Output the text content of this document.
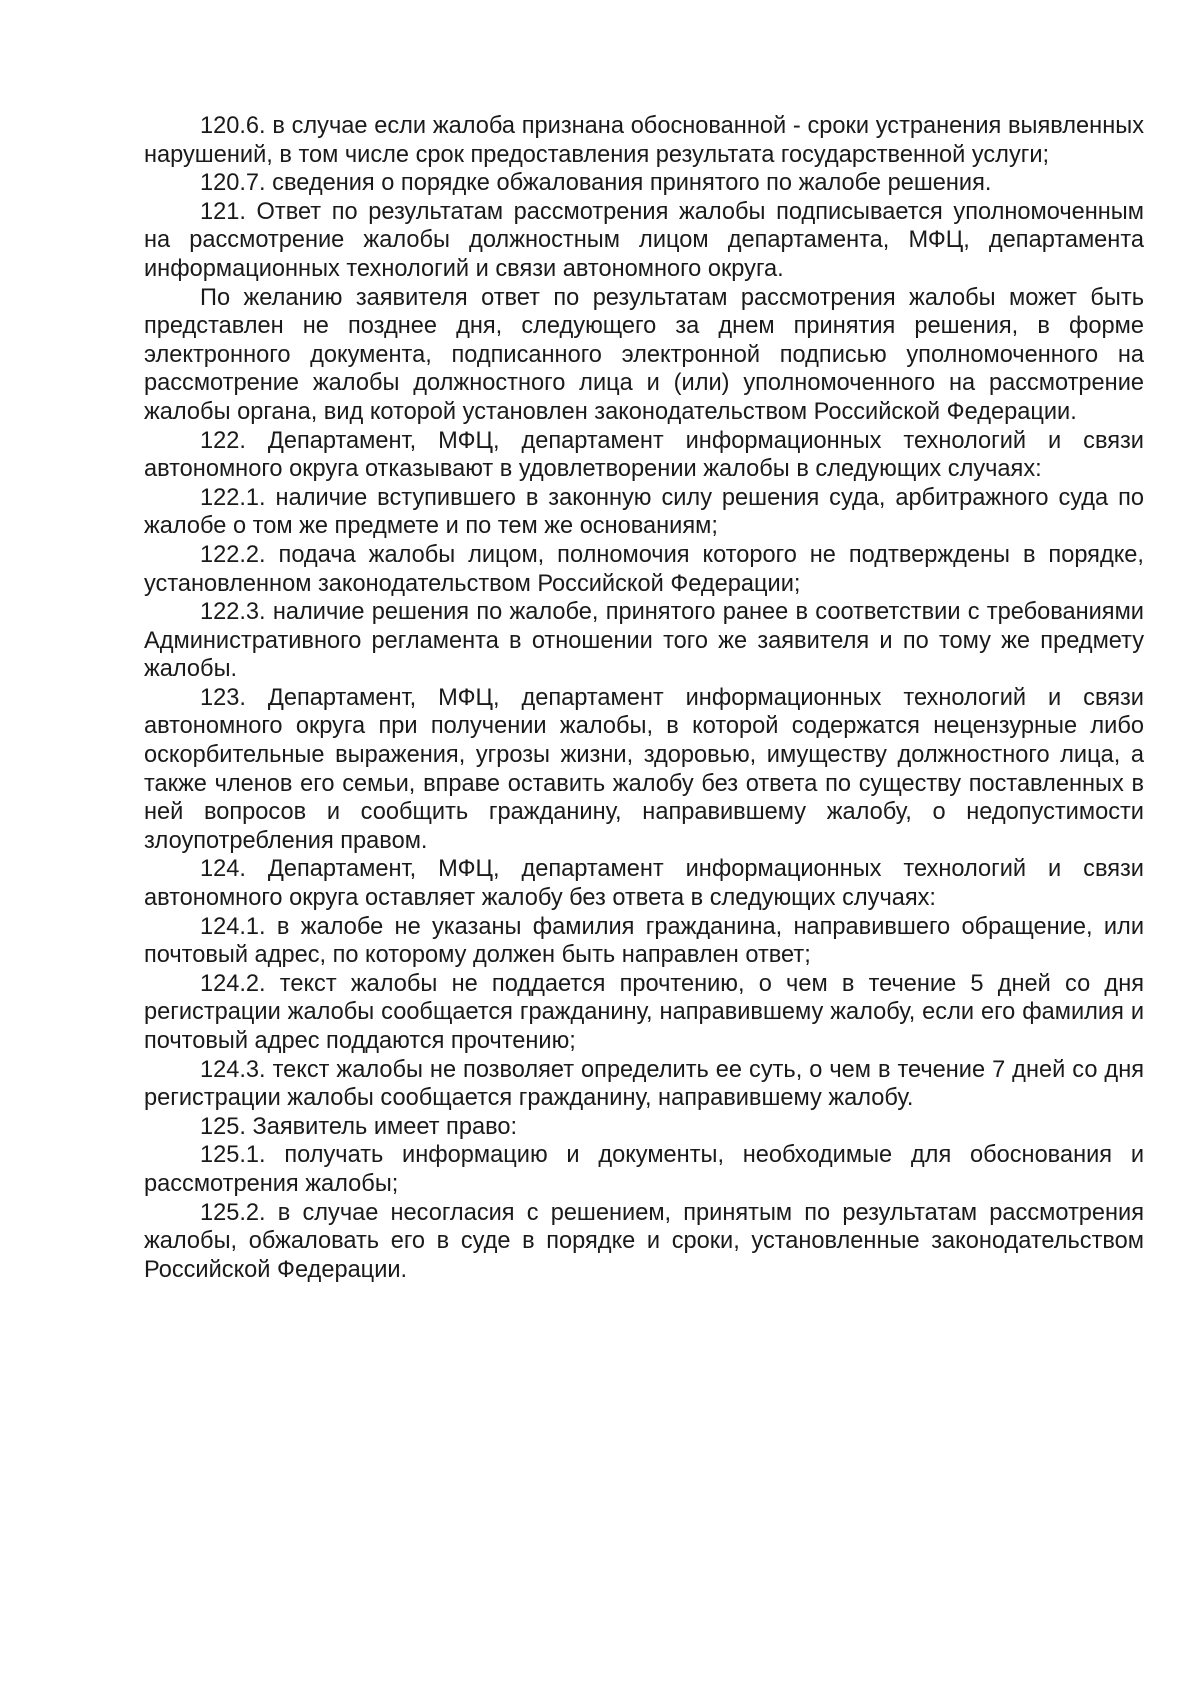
120.6. в случае если жалоба признана обоснованной - сроки устранения выявленных нарушений, в том числе срок предоставления результата государственной услуги;

120.7. сведения о порядке обжалования принятого по жалобе решения.

121. Ответ по результатам рассмотрения жалобы подписывается уполномоченным на рассмотрение жалобы должностным лицом департамента, МФЦ, департамента информационных технологий и связи автономного округа.

По желанию заявителя ответ по результатам рассмотрения жалобы может быть представлен не позднее дня, следующего за днем принятия решения, в форме электронного документа, подписанного электронной подписью уполномоченного на рассмотрение жалобы должностного лица и (или) уполномоченного на рассмотрение жалобы органа, вид которой установлен законодательством Российской Федерации.

122. Департамент, МФЦ, департамент информационных технологий и связи автономного округа отказывают в удовлетворении жалобы в следующих случаях:

122.1. наличие вступившего в законную силу решения суда, арбитражного суда по жалобе о том же предмете и по тем же основаниям;

122.2. подача жалобы лицом, полномочия которого не подтверждены в порядке, установленном законодательством Российской Федерации;

122.3. наличие решения по жалобе, принятого ранее в соответствии с требованиями Административного регламента в отношении того же заявителя и по тому же предмету жалобы.

123. Департамент, МФЦ, департамент информационных технологий и связи автономного округа при получении жалобы, в которой содержатся нецензурные либо оскорбительные выражения, угрозы жизни, здоровью, имуществу должностного лица, а также членов его семьи, вправе оставить жалобу без ответа по существу поставленных в ней вопросов и сообщить гражданину, направившему жалобу, о недопустимости злоупотребления правом.

124. Департамент, МФЦ, департамент информационных технологий и связи автономного округа оставляет жалобу без ответа в следующих случаях:

124.1. в жалобе не указаны фамилия гражданина, направившего обращение, или почтовый адрес, по которому должен быть направлен ответ;

124.2. текст жалобы не поддается прочтению, о чем в течение 5 дней со дня регистрации жалобы сообщается гражданину, направившему жалобу, если его фамилия и почтовый адрес поддаются прочтению;

124.3. текст жалобы не позволяет определить ее суть, о чем в течение 7 дней со дня регистрации жалобы сообщается гражданину, направившему жалобу.

125. Заявитель имеет право:

125.1. получать информацию и документы, необходимые для обоснования и рассмотрения жалобы;

125.2. в случае несогласия с решением, принятым по результатам рассмотрения жалобы, обжаловать его в суде в порядке и сроки, установленные законодательством Российской Федерации.
